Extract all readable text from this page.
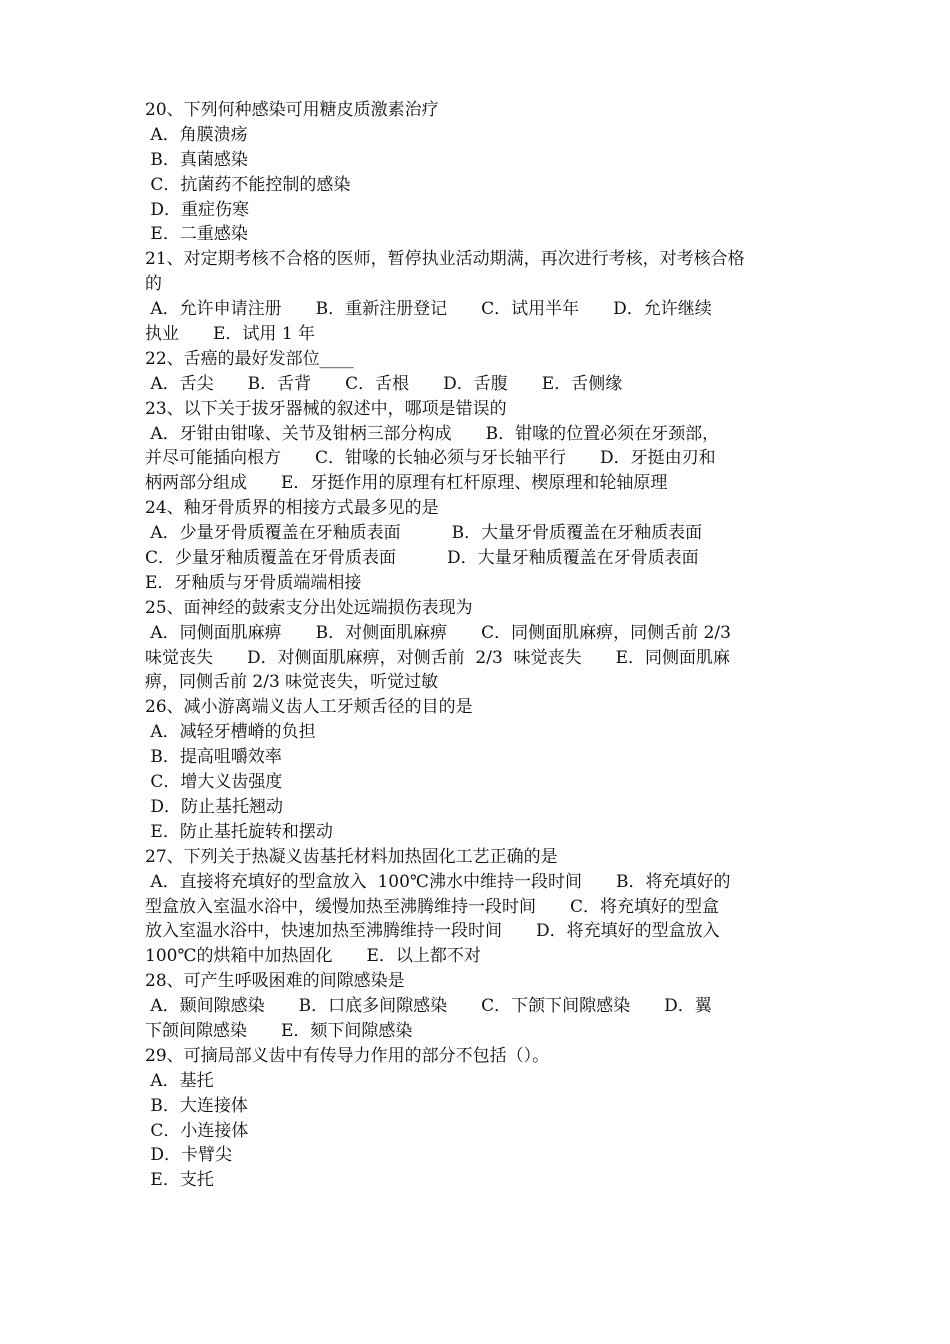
20、下列何种感染可用糖皮质激素治疗
A．角膜溃疡
B．真菌感染
C．抗菌药不能控制的感染
D．重症伤寒
E．二重感染
21、对定期考核不合格的医师，暂停执业活动期满，再次进行考核，对考核合格
的
A．允许申请注册　　B．重新注册登记　　C．试用半年　　D．允许继续
执业　　E．试用 1 年
22、舌癌的最好发部位____
A．舌尖　　B．舌背　　C．舌根　　D．舌腹　　E．舌侧缘
23、以下关于拔牙器械的叙述中，哪项是错误的
A．牙钳由钳喙、关节及钳柄三部分构成　　B．钳喙的位置必须在牙颈部，
并尽可能插向根方　　C．钳喙的长轴必须与牙长轴平行　　D．牙挺由刃和
柄两部分组成　　E．牙挺作用的原理有杠杆原理、楔原理和轮轴原理
24、釉牙骨质界的相接方式最多见的是
A．少量牙骨质覆盖在牙釉质表面　　　B．大量牙骨质覆盖在牙釉质表面
C．少量牙釉质覆盖在牙骨质表面　　　D．大量牙釉质覆盖在牙骨质表面
E．牙釉质与牙骨质端端相接
25、面神经的鼓索支分出处远端损伤表现为
A．同侧面肌麻痹　　B．对侧面肌麻痹　　C．同侧面肌麻痹，同侧舌前 2/3
味觉丧失　　D．对侧面肌麻痹，对侧舌前  2/3  味觉丧失　　E．同侧面肌麻
痹，同侧舌前 2/3 味觉丧失，听觉过敏
26、减小游离端义齿人工牙颊舌径的目的是
A．减轻牙槽嵴的负担
B．提高咀嚼效率
C．增大义齿强度
D．防止基托翘动
E．防止基托旋转和摆动
27、下列关于热凝义齿基托材料加热固化工艺正确的是
A．直接将充填好的型盒放入  100℃沸水中维持一段时间　　B．将充填好的
型盒放入室温水浴中，缓慢加热至沸腾维持一段时间　　C．将充填好的型盒
放入室温水浴中，快速加热至沸腾维持一段时间　　D．将充填好的型盒放入
100℃的烘箱中加热固化　　E．以上都不对
28、可产生呼吸困难的间隙感染是
A．颞间隙感染　　B．口底多间隙感染　　C．下颌下间隙感染　　D．翼
下颌间隙感染　　E．颏下间隙感染
29、可摘局部义齿中有传导力作用的部分不包括（）。
A．基托
B．大连接体
C．小连接体
D．卡臂尖
E．支托
